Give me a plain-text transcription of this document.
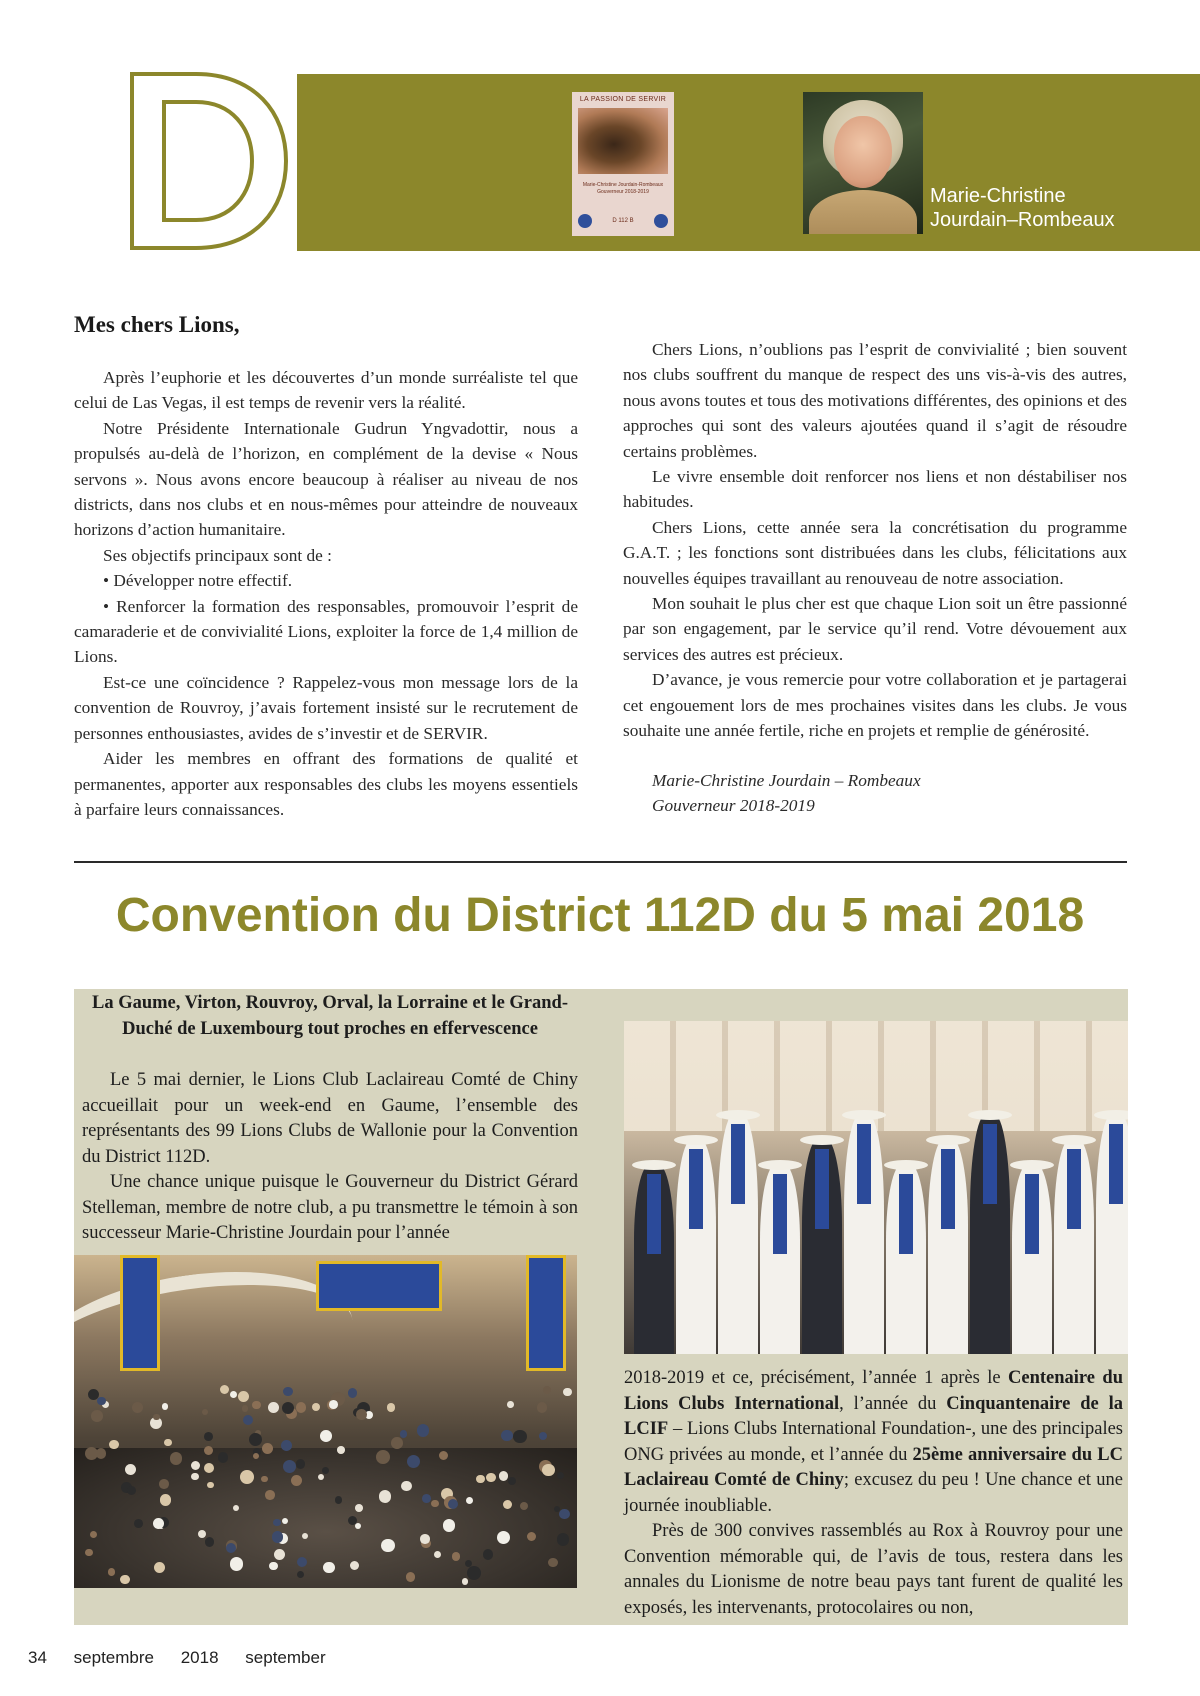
LA PASSION DE SERVIR
Marie-Christine Jourdain-Rombeaux Gouverneur 2018-2019
D 112 B
Marie-Christine
Jourdain–Rombeaux
Mes chers Lions,

Après l’euphorie et les découvertes d’un monde surréaliste tel que celui de Las Vegas, il est temps de revenir vers la réalité.

Notre Présidente Internationale Gudrun Yngvadottir, nous a propulsés au-delà de l’horizon, en complément de la devise « Nous servons ». Nous avons encore beaucoup à réaliser au niveau de nos districts, dans nos clubs et en nous-mêmes pour atteindre de nouveaux horizons d’action humanitaire.

Ses objectifs principaux sont de :

• Développer notre effectif.

• Renforcer la formation des responsables, promouvoir l’esprit de camaraderie et de convivialité Lions, exploiter la force de 1,4 million de Lions.

Est-ce une coïncidence ? Rappelez-vous mon message lors de la convention de Rouvroy, j’avais fortement insisté sur le recrutement de personnes enthousiastes, avides de s’investir et de SERVIR.

Aider les membres en offrant des formations de qualité et permanentes, apporter aux responsables des clubs les moyens essentiels à parfaire leurs connaissances.

Chers Lions, n’oublions pas l’esprit de convivialité ; bien souvent nos clubs souffrent du manque de respect des uns vis-à-vis des autres, nous avons toutes et tous des motivations différentes, des opinions et des approches qui sont des valeurs ajoutées quand il s’agit de résoudre certains problèmes.

Le vivre ensemble doit renforcer nos liens et non déstabiliser nos habitudes.

Chers Lions, cette année sera la concrétisation du programme G.A.T. ; les fonctions sont distribuées dans les clubs, félicitations aux nouvelles équipes travaillant au renouveau de notre association.

Mon souhait le plus cher est que chaque Lion soit un être passionné par son engagement, par le service qu’il rend. Votre dévouement aux services des autres est précieux.

D’avance, je vous remercie pour votre collaboration et je partagerai cet engouement lors de mes prochaines visites dans les clubs. Je vous souhaite une année fertile, riche en projets et remplie de générosité.

Marie-Christine Jourdain – Rombeaux
Gouverneur 2018-2019
Convention du District 112D du 5 mai 2018

La Gaume, Virton, Rouvroy, Orval, la Lorraine et le Grand-Duché de Luxembourg tout proches en effervescence

Le 5 mai dernier, le Lions Club Laclaireau Comté de Chiny accueillait pour un week-end en Gaume, l’ensemble des représentants des 99 Lions Clubs de Wallonie pour la Convention du District 112D.

Une chance unique puisque le Gouverneur du District Gérard Stelleman, membre de notre club, a pu transmettre le témoin à son successeur Marie-Christine Jourdain pour l’année

2018-2019 et ce, précisément, l’année 1 après le Centenaire du Lions Clubs International, l’année du Cinquantenaire de la LCIF – Lions Clubs International Foundation-, une des principales ONG privées au monde, et l’année du 25ème anniversaire du LC Laclaireau Comté de Chiny; excusez du peu ! Une chance et une journée inoubliable.

Près de 300 convives rassemblés au Rox à Rouvroy pour une Convention mémorable qui, de l’avis de tous, restera dans les annales du Lionisme de notre beau pays tant furent de qualité les exposés, les intervenants, protocolaires ou non,

34 septembre 2018 september
